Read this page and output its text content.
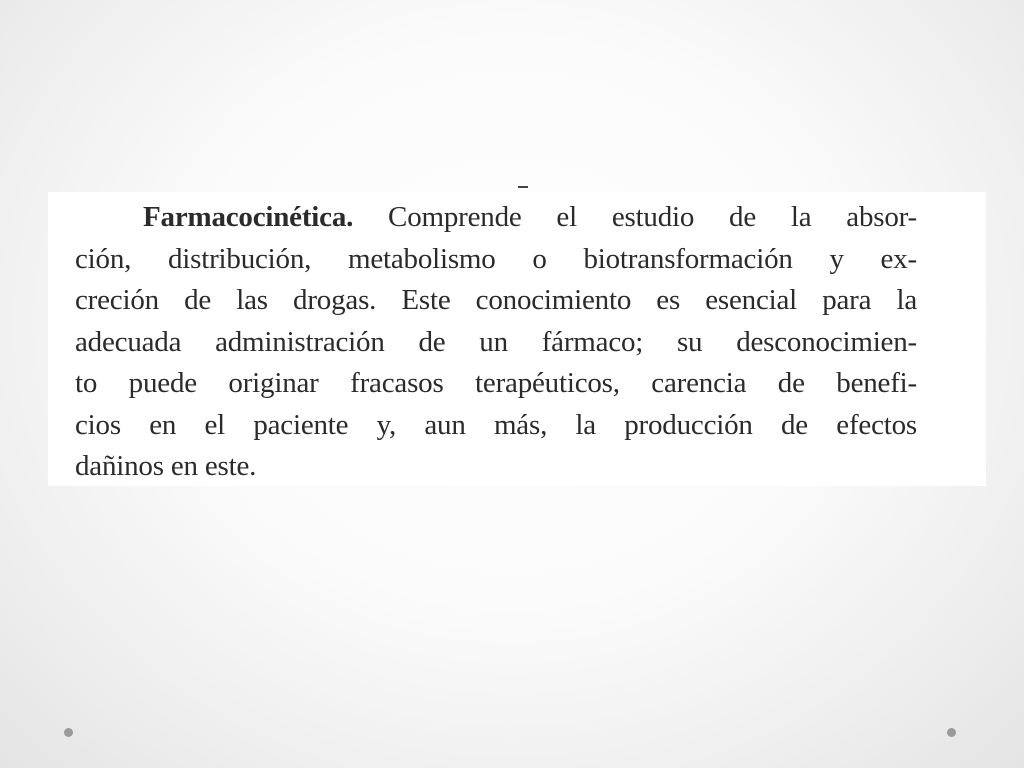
Farmacocinética. Comprende el estudio de la absor-
ción, distribución, metabolismo o biotransformación y ex-
creción de las drogas. Este conocimiento es esencial para la
adecuada administración de un fármaco; su desconocimien-
to puede originar fracasos terapéuticos, carencia de benefi-
cios en el paciente y, aun más, la producción de efectos
dañinos en este.
